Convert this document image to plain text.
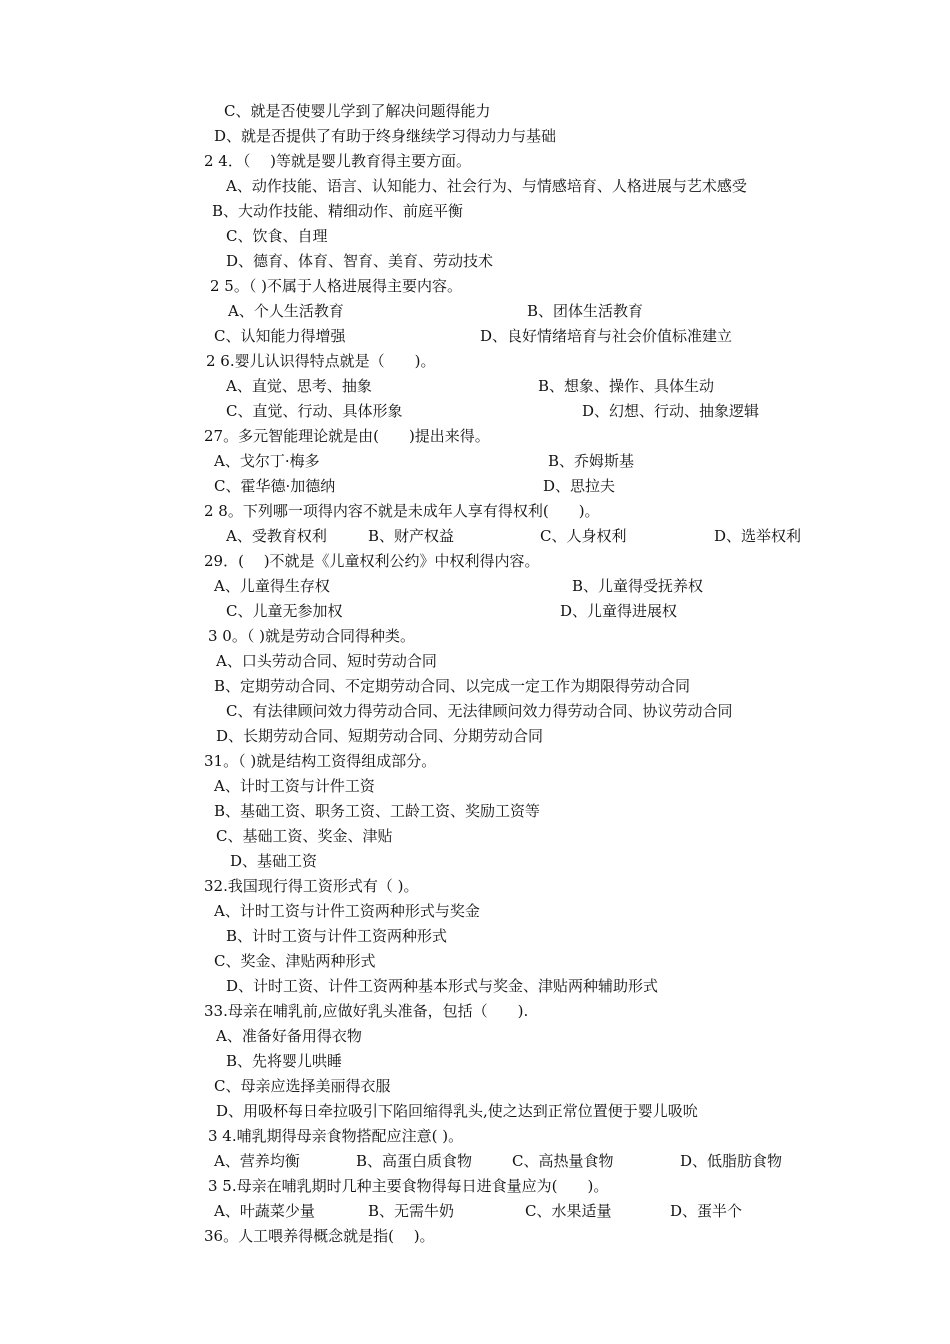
C、就是否使婴儿学到了解决问题得能力
D、就是否提供了有助于终身继续学习得动力与基础
2 4．（　 )等就是婴儿教育得主要方面。
A、动作技能、语言、认知能力、社会行为、与情感培育、人格进展与艺术感受
B、大动作技能、精细动作、前庭平衡
C、饮食、自理
D、德育、体育、智育、美育、劳动技术
2 5。（ )不属于人格进展得主要内容。
A、个人生活教育	B、团体生活教育
C、认知能力得增强	D、良好情绪培育与社会价值标准建立
2 6.婴儿认识得特点就是（　　)。
A、直觉、思考、抽象	B、想象、操作、具体生动
C、直觉、行动、具体形象	D、幻想、行动、抽象逻辑
27。多元智能理论就是由(　　)提出来得。
A、戈尔丁·梅多	B、乔姆斯基
C、霍华德·加德纳	D、思拉夫
2 8。下列哪一项得内容不就是未成年人享有得权利(　　)。
A、受教育权利	B、财产权益	C、人身权利	D、选举权利
29．(　 )不就是《儿童权利公约》中权利得内容。
A、儿童得生存权	B、儿童得受抚养权
C、儿童无参加权	D、儿童得进展权
3 0。（ )就是劳动合同得种类。
A、口头劳动合同、短时劳动合同
B、定期劳动合同、不定期劳动合同、以完成一定工作为期限得劳动合同
C、有法律顾问效力得劳动合同、无法律顾问效力得劳动合同、协议劳动合同
D、长期劳动合同、短期劳动合同、分期劳动合同
31。（ )就是结构工资得组成部分。
A、计时工资与计件工资
B、基础工资、职务工资、工龄工资、奖励工资等
C、基础工资、奖金、津贴
D、基础工资
32.我国现行得工资形式有（ )。
A、计时工资与计件工资两种形式与奖金
B、计时工资与计件工资两种形式
C、奖金、津贴两种形式
D、计时工资、计件工资两种基本形式与奖金、津贴两种辅助形式
33.母亲在哺乳前,应做好乳头准备，包括（　　).
A、准备好备用得衣物
B、先将婴儿哄睡
C、母亲应选择美丽得衣服
D、用吸杯每日牵拉吸引下陷回缩得乳头,使之达到正常位置便于婴儿吸吮
3 4.哺乳期得母亲食物搭配应注意( )。
A、营养均衡	B、高蛋白质食物	C、高热量食物	D、低脂肪食物
3 5.母亲在哺乳期时几种主要食物得每日进食量应为(　　)。
A、叶蔬菜少量	B、无需牛奶	C、水果适量	D、蛋半个
36。人工喂养得概念就是指(　 )。
